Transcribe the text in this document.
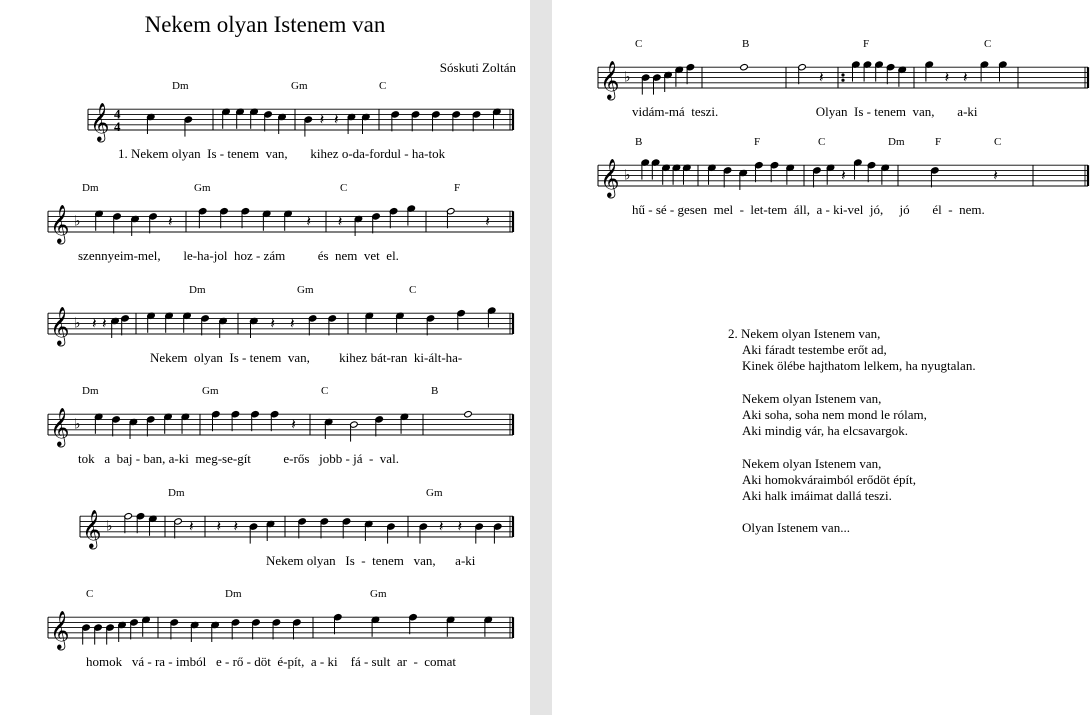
Nekem olyan Istenem van
Sóskuti Zoltán
Dm	Gm	C
1. Nekem olyan  Is - tenem  van,       kihez o-da-fordul - ha-tok
𝄞 4
4	𝄽 𝄽
Dm	Gm	C	F
szennyeim-mel,       le-ha-jol  hoz - zám          és  nem  vet  el.
𝄞 ♭	𝄽	𝄽 𝄽	𝄽
Dm	Gm	C
Nekem  olyan  Is - tenem  van,         kihez bát-ran  ki-ált-ha-
𝄞 ♭ 𝄽 𝄽	𝄽 𝄽
Dm	Gm	C	B
tok   a  baj - ban, a-ki  meg-se-gít          e-rős   jobb - já  -  val.
𝄞 ♭	𝄽
Dm	Gm
Nekem olyan   Is  -  tenem   van,      a-ki
𝄞 ♭	𝄽 𝄽 𝄽	𝄽 𝄽
C	Dm	Gm
homok   vá - ra - imból   e - rő - döt  é-pít,  a - ki    fá - sult  ar  -  comat
𝄞
C	B	F	C
vidám-má  teszi.                              Olyan  Is - tenem  van,       a-ki
𝄞 ♭	𝄽	𝄽 𝄽
B	F	C	Dm	F	C
hű - sé - gesen  mel  -  let-tem  áll,  a - ki-vel  jó,     jó       él  -  nem.
𝄞 ♭	𝄽	𝄽
2. Nekem olyan Istenem van,
Aki fáradt testembe erőt ad,
Kinek ölébe hajthatom lelkem, ha nyugtalan.
Nekem olyan Istenem van,
Aki soha, soha nem mond le rólam,
Aki mindig vár, ha elcsavargok.
Nekem olyan Istenem van,
Aki homokváraimból erődöt épít,
Aki halk imáimat dallá teszi.
Olyan Istenem van...
